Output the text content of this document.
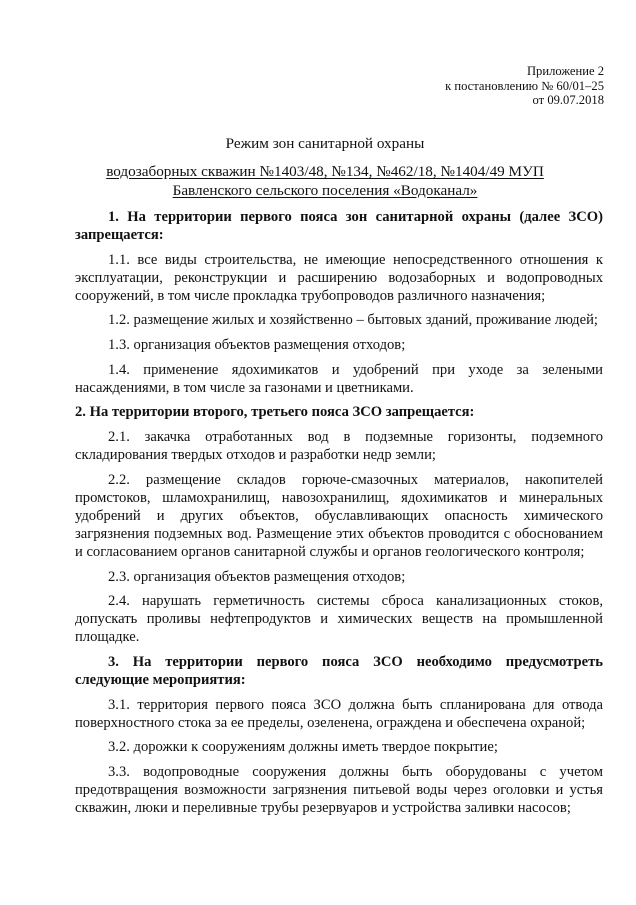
Приложение 2
к постановлению № 60/01–25
от 09.07.2018
Режим зон санитарной охраны
водозаборных скважин №1403/48, №134, №462/18, №1404/49 МУП
Бавленского сельского поселения «Водоканал»
1. На территории первого пояса зон санитарной охраны (далее ЗСО) запрещается:
1.1. все виды строительства, не имеющие непосредственного отношения к эксплуатации, реконструкции и расширению водозаборных и водопроводных сооружений, в том числе прокладка трубопроводов различного назначения;
1.2. размещение жилых и хозяйственно – бытовых зданий, проживание людей;
1.3. организация объектов размещения отходов;
1.4. применение ядохимикатов и удобрений при уходе за зелеными насаждениями, в том числе за газонами и цветниками.
2. На территории второго, третьего пояса ЗСО запрещается:
2.1. закачка отработанных вод в подземные горизонты, подземного складирования твердых отходов и разработки недр земли;
2.2. размещение складов горюче-смазочных материалов, накопителей промстоков, шламохранилищ, навозохранилищ, ядохимикатов и минеральных удобрений и других объектов, обуславливающих опасность химического загрязнения подземных вод. Размещение этих объектов проводится с обоснованием и согласованием органов санитарной службы и органов геологического контроля;
2.3. организация объектов размещения отходов;
2.4. нарушать герметичность системы сброса канализационных стоков, допускать проливы нефтепродуктов и химических веществ на промышленной площадке.
3. На территории первого пояса ЗСО необходимо предусмотреть следующие мероприятия:
3.1. территория первого пояса ЗСО должна быть спланирована для отвода поверхностного стока за ее пределы, озеленена, ограждена и обеспечена охраной;
3.2. дорожки к сооружениям должны иметь твердое покрытие;
3.3. водопроводные сооружения должны быть оборудованы с учетом предотвращения возможности загрязнения питьевой воды через оголовки и устья скважин, люки и переливные трубы резервуаров и устройства заливки насосов;
